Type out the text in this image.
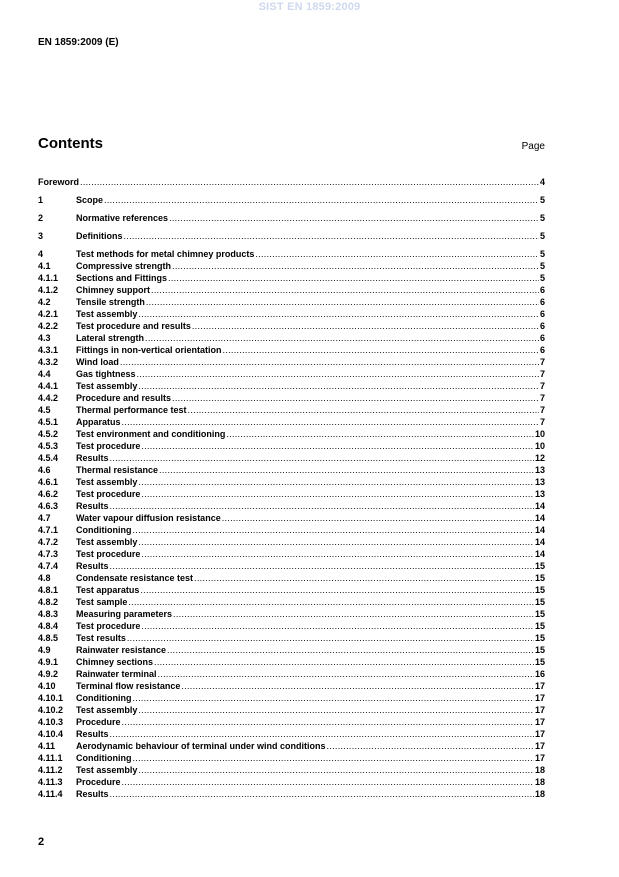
SIST EN 1859:2009
EN 1859:2009 (E)
Contents	Page
Foreword .....	4
1	Scope .....	5
2	Normative references .....	5
3	Definitions .....	5
4	Test methods for metal chimney products .....	5
4.1	Compressive strength .....	5
4.1.1	Sections and Fittings .....	5
4.1.2	Chimney support .....	6
4.2	Tensile strength .....	6
4.2.1	Test assembly .....	6
4.2.2	Test procedure and results .....	6
4.3	Lateral strength .....	6
4.3.1	Fittings in non-vertical orientation .....	6
4.3.2	Wind load .....	7
4.4	Gas tightness .....	7
4.4.1	Test assembly .....	7
4.4.2	Procedure and results .....	7
4.5	Thermal performance test .....	7
4.5.1	Apparatus .....	7
4.5.2	Test environment and conditioning .....	10
4.5.3	Test procedure .....	10
4.5.4	Results .....	12
4.6	Thermal resistance .....	13
4.6.1	Test assembly .....	13
4.6.2	Test procedure .....	13
4.6.3	Results .....	14
4.7	Water vapour diffusion resistance .....	14
4.7.1	Conditioning .....	14
4.7.2	Test assembly .....	14
4.7.3	Test procedure .....	14
4.7.4	Results .....	15
4.8	Condensate resistance test .....	15
4.8.1	Test apparatus .....	15
4.8.2	Test sample .....	15
4.8.3	Measuring parameters .....	15
4.8.4	Test procedure .....	15
4.8.5	Test results .....	15
4.9	Rainwater resistance .....	15
4.9.1	Chimney sections .....	15
4.9.2	Rainwater terminal .....	16
4.10	Terminal flow resistance .....	17
4.10.1	Conditioning .....	17
4.10.2	Test assembly .....	17
4.10.3	Procedure .....	17
4.10.4	Results .....	17
4.11	Aerodynamic behaviour of terminal under wind conditions .....	17
4.11.1	Conditioning .....	17
4.11.2	Test assembly .....	18
4.11.3	Procedure .....	18
4.11.4	Results .....	18
2
